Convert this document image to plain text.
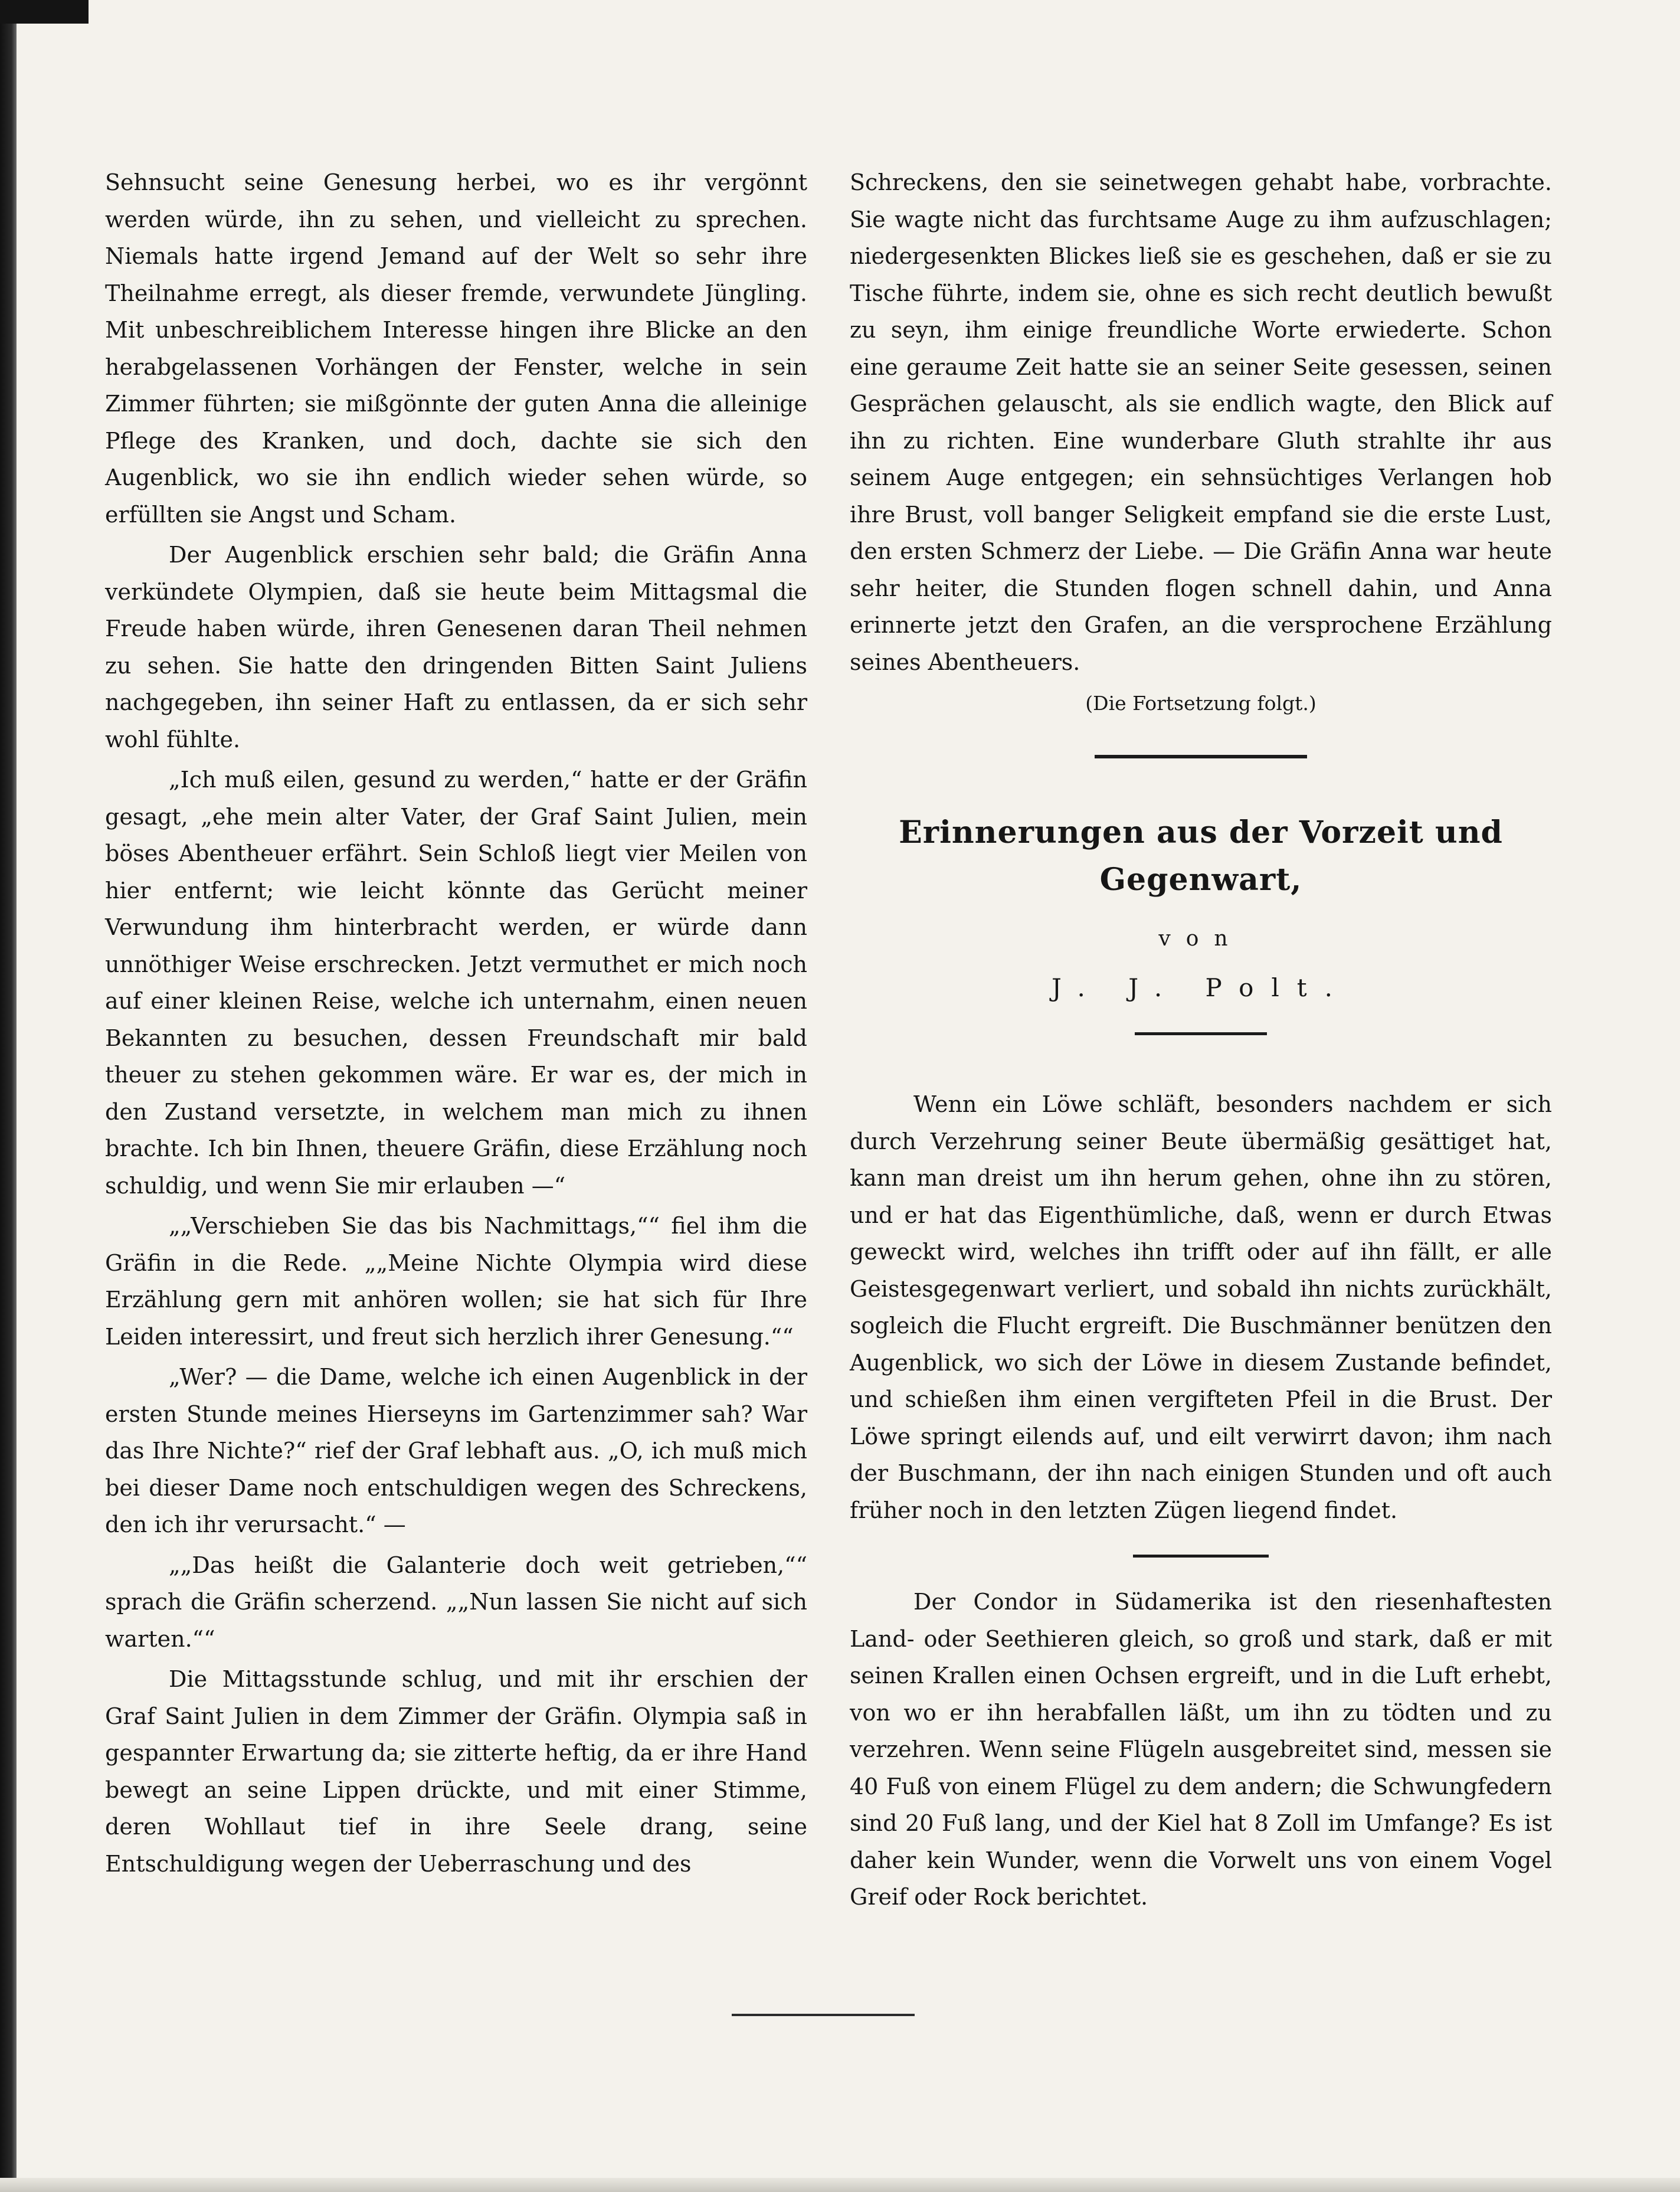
Sehnsucht seine Genesung herbei, wo es ihr vergönnt werden würde, ihn zu sehen, und vielleicht zu sprechen. Niemals hatte irgend Jemand auf der Welt so sehr ihre Theilnahme erregt, als dieser fremde, verwundete Jüngling. Mit unbeschreiblichem Interesse hingen ihre Blicke an den herabgelassenen Vorhängen der Fenster, welche in sein Zimmer führten; sie mißgönnte der guten Anna die alleinige Pflege des Kranken, und doch, dachte sie sich den Augenblick, wo sie ihn endlich wieder sehen würde, so erfüllten sie Angst und Scham.

Der Augenblick erschien sehr bald; die Gräfin Anna verkündete Olympien, daß sie heute beim Mittagsmal die Freude haben würde, ihren Genesenen daran Theil nehmen zu sehen. Sie hatte den dringenden Bitten Saint Juliens nachgegeben, ihn seiner Haft zu entlassen, da er sich sehr wohl fühlte.

„Ich muß eilen, gesund zu werden,“ hatte er der Gräfin gesagt, „ehe mein alter Vater, der Graf Saint Julien, mein böses Abentheuer erfährt. Sein Schloß liegt vier Meilen von hier entfernt; wie leicht könnte das Gerücht meiner Verwundung ihm hinterbracht werden, er würde dann unnöthiger Weise erschrecken. Jetzt vermuthet er mich noch auf einer kleinen Reise, welche ich unternahm, einen neuen Bekannten zu besuchen, dessen Freundschaft mir bald theuer zu stehen gekommen wäre. Er war es, der mich in den Zustand versetzte, in welchem man mich zu ihnen brachte. Ich bin Ihnen, theuere Gräfin, diese Erzählung noch schuldig, und wenn Sie mir erlauben —“

„„Verschieben Sie das bis Nachmittags,““ fiel ihm die Gräfin in die Rede. „„Meine Nichte Olympia wird diese Erzählung gern mit anhören wollen; sie hat sich für Ihre Leiden interessirt, und freut sich herzlich ihrer Genesung.““

„Wer? — die Dame, welche ich einen Augenblick in der ersten Stunde meines Hierseyns im Gartenzimmer sah? War das Ihre Nichte?“ rief der Graf lebhaft aus. „O, ich muß mich bei dieser Dame noch entschuldigen wegen des Schreckens, den ich ihr verursacht.“ —

„„Das heißt die Galanterie doch weit getrieben,““ sprach die Gräfin scherzend. „„Nun lassen Sie nicht auf sich warten.““

Die Mittagsstunde schlug, und mit ihr erschien der Graf Saint Julien in dem Zimmer der Gräfin. Olympia saß in gespannter Erwartung da; sie zitterte heftig, da er ihre Hand bewegt an seine Lippen drückte, und mit einer Stimme, deren Wohllaut tief in ihre Seele drang, seine Entschuldigung wegen der Ueberraschung und des

Schreckens, den sie seinetwegen gehabt habe, vorbrachte. Sie wagte nicht das furchtsame Auge zu ihm aufzuschlagen; niedergesenkten Blickes ließ sie es geschehen, daß er sie zu Tische führte, indem sie, ohne es sich recht deutlich bewußt zu seyn, ihm einige freundliche Worte erwiederte. Schon eine geraume Zeit hatte sie an seiner Seite gesessen, seinen Gesprächen gelauscht, als sie endlich wagte, den Blick auf ihn zu richten. Eine wunderbare Gluth strahlte ihr aus seinem Auge entgegen; ein sehnsüchtiges Verlangen hob ihre Brust, voll banger Seligkeit empfand sie die erste Lust, den ersten Schmerz der Liebe. — Die Gräfin Anna war heute sehr heiter, die Stunden flogen schnell dahin, und Anna erinnerte jetzt den Grafen, an die versprochene Erzählung seines Abentheuers.

(Die Fortsetzung folgt.)

Erinnerungen aus der Vorzeit und Gegenwart,

von

J. J. Polt.

Wenn ein Löwe schläft, besonders nachdem er sich durch Verzehrung seiner Beute übermäßig gesättiget hat, kann man dreist um ihn herum gehen, ohne ihn zu stören, und er hat das Eigenthümliche, daß, wenn er durch Etwas geweckt wird, welches ihn trifft oder auf ihn fällt, er alle Geistesgegenwart verliert, und sobald ihn nichts zurückhält, sogleich die Flucht ergreift. Die Buschmänner benützen den Augenblick, wo sich der Löwe in diesem Zustande befindet, und schießen ihm einen vergifteten Pfeil in die Brust. Der Löwe springt eilends auf, und eilt verwirrt davon; ihm nach der Buschmann, der ihn nach einigen Stunden und oft auch früher noch in den letzten Zügen liegend findet.

Der Condor in Südamerika ist den riesenhaftesten Land- oder Seethieren gleich, so groß und stark, daß er mit seinen Krallen einen Ochsen ergreift, und in die Luft erhebt, von wo er ihn herabfallen läßt, um ihn zu tödten und zu verzehren. Wenn seine Flügeln ausgebreitet sind, messen sie 40 Fuß von einem Flügel zu dem andern; die Schwungfedern sind 20 Fuß lang, und der Kiel hat 8 Zoll im Umfange? Es ist daher kein Wunder, wenn die Vorwelt uns von einem Vogel Greif oder Rock berichtet.
